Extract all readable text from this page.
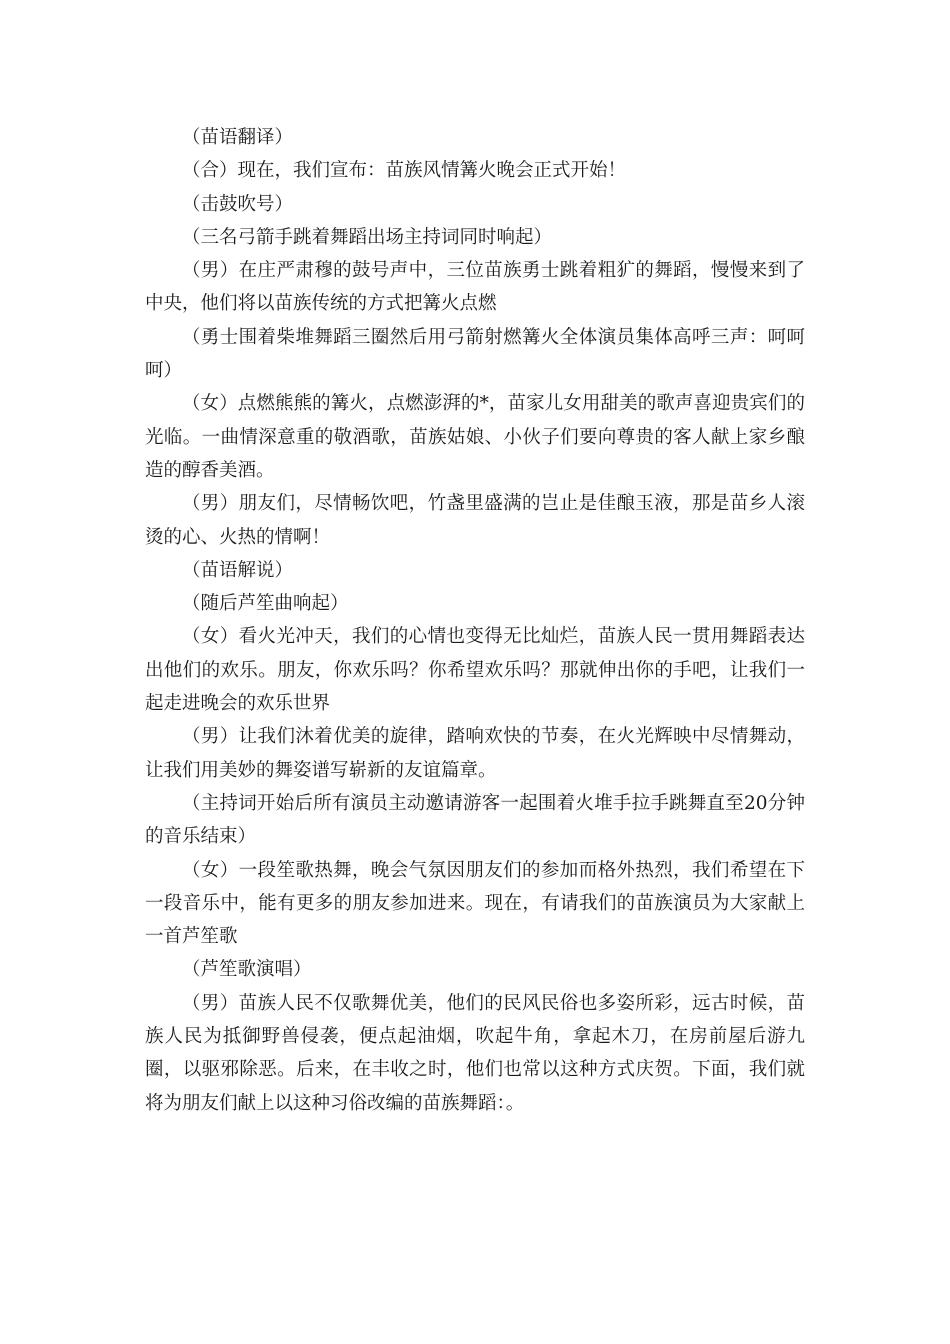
（苗语翻译）

（合）现在，我们宣布：苗族风情篝火晚会正式开始！

（击鼓吹号）

（三名弓箭手跳着舞蹈出场主持词同时响起）

（男）在庄严肃穆的鼓号声中，三位苗族勇士跳着粗犷的舞蹈，慢慢来到了中央，他们将以苗族传统的方式把篝火点燃

（勇士围着柴堆舞蹈三圈然后用弓箭射燃篝火全体演员集体高呼三声：呵呵呵）

（女）点燃熊熊的篝火，点燃澎湃的*，苗家儿女用甜美的歌声喜迎贵宾们的光临。一曲情深意重的敬酒歌，苗族姑娘、小伙子们要向尊贵的客人献上家乡酿造的醇香美酒。

（男）朋友们，尽情畅饮吧，竹盏里盛满的岂止是佳酿玉液，那是苗乡人滚烫的心、火热的情啊！

（苗语解说）

（随后芦笙曲响起）

（女）看火光冲天，我们的心情也变得无比灿烂，苗族人民一贯用舞蹈表达出他们的欢乐。朋友，你欢乐吗？你希望欢乐吗？那就伸出你的手吧，让我们一起走进晚会的欢乐世界

（男）让我们沐着优美的旋律，踏响欢快的节奏，在火光辉映中尽情舞动，让我们用美妙的舞姿谱写崭新的友谊篇章。

（主持词开始后所有演员主动邀请游客一起围着火堆手拉手跳舞直至20分钟的音乐结束）

（女）一段笙歌热舞，晚会气氛因朋友们的参加而格外热烈，我们希望在下一段音乐中，能有更多的朋友参加进来。现在，有请我们的苗族演员为大家献上一首芦笙歌

（芦笙歌演唱）

（男）苗族人民不仅歌舞优美，他们的民风民俗也多姿所彩，远古时候，苗族人民为抵御野兽侵袭，便点起油烟，吹起牛角，拿起木刀，在房前屋后游九圈，以驱邪除恶。后来，在丰收之时，他们也常以这种方式庆贺。下面，我们就将为朋友们献上以这种习俗改编的苗族舞蹈：。
